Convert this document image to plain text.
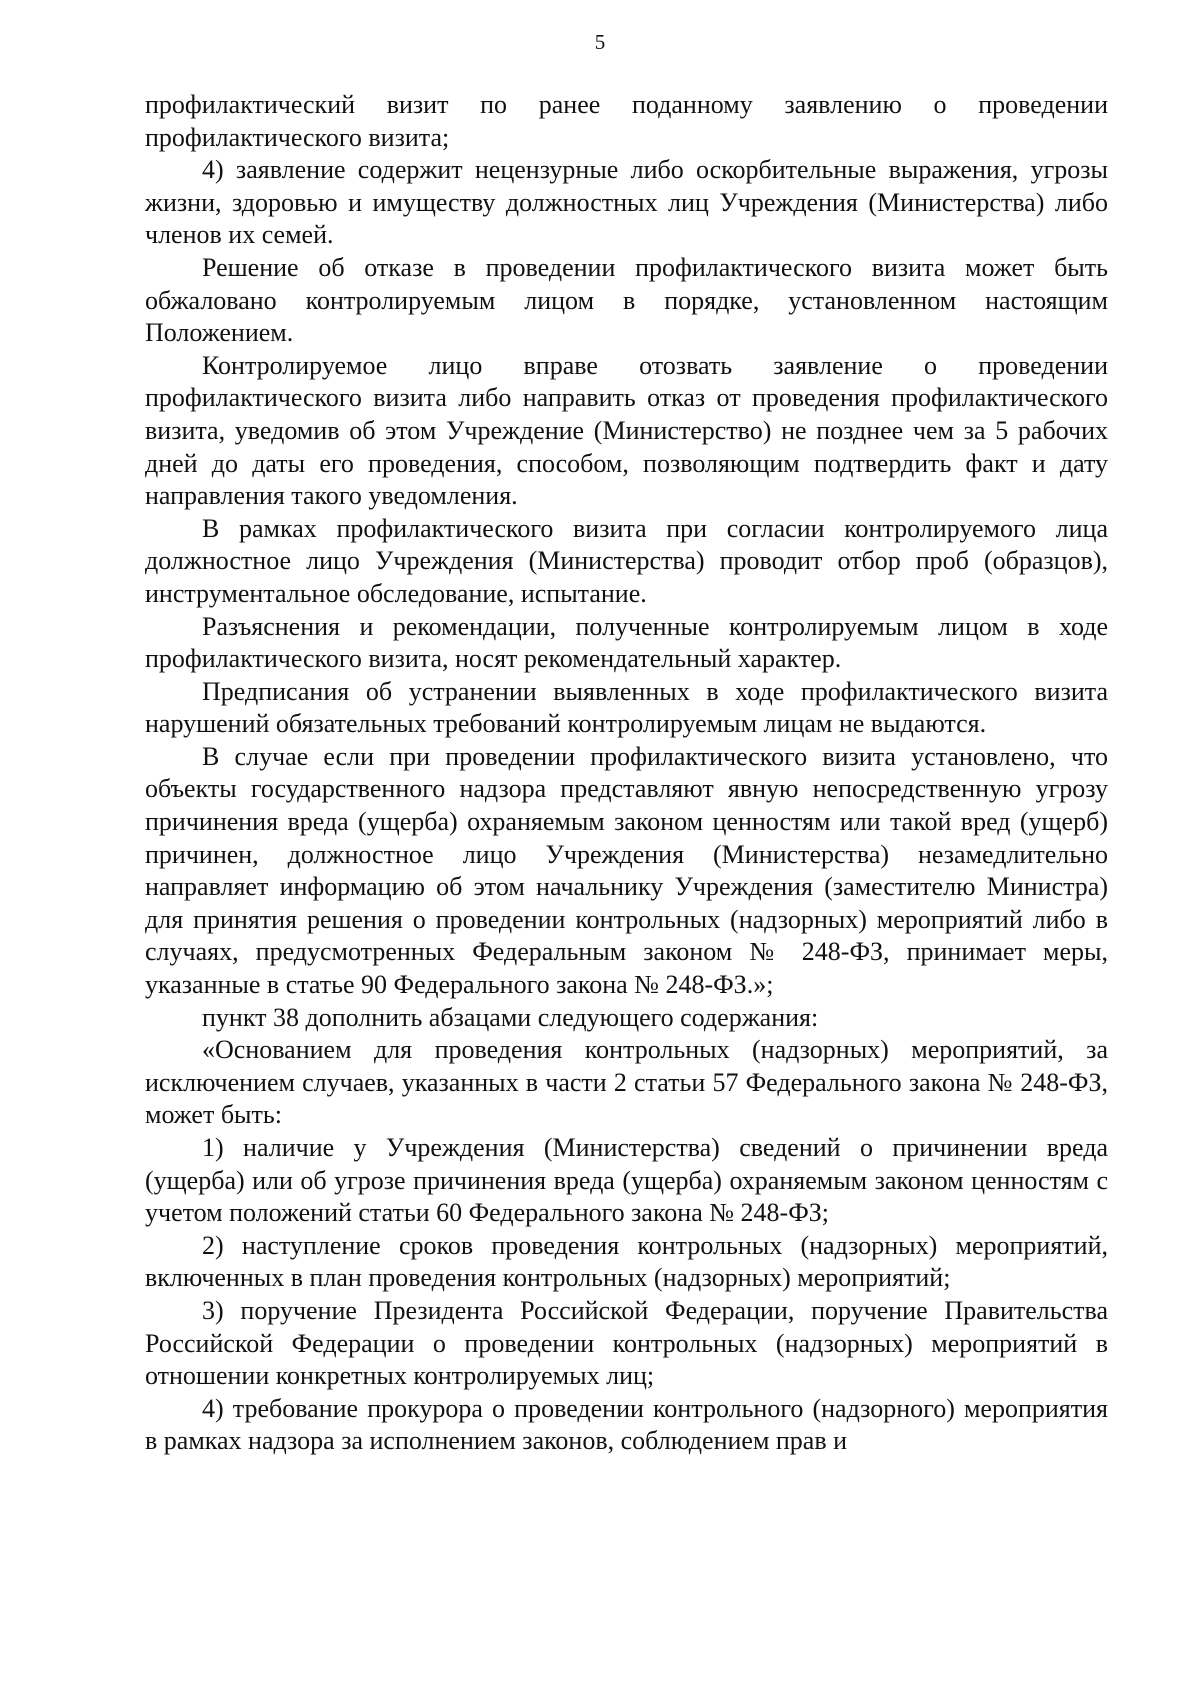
5

профилактический визит по ранее поданному заявлению о проведении профилактического визита;

4) заявление содержит нецензурные либо оскорбительные выражения, угрозы жизни, здоровью и имуществу должностных лиц Учреждения (Министерства) либо членов их семей.

Решение об отказе в проведении профилактического визита может быть обжаловано контролируемым лицом в порядке, установленном настоящим Положением.

Контролируемое лицо вправе отозвать заявление о проведении профилактического визита либо направить отказ от проведения профилактического визита, уведомив об этом Учреждение (Министерство) не позднее чем за 5 рабочих дней до даты его проведения, способом, позволяющим подтвердить факт и дату направления такого уведомления.

В рамках профилактического визита при согласии контролируемого лица должностное лицо Учреждения (Министерства) проводит отбор проб (образцов), инструментальное обследование, испытание.

Разъяснения и рекомендации, полученные контролируемым лицом в ходе профилактического визита, носят рекомендательный характер.

Предписания об устранении выявленных в ходе профилактического визита нарушений обязательных требований контролируемым лицам не выдаются.

В случае если при проведении профилактического визита установлено, что объекты государственного надзора представляют явную непосредственную угрозу причинения вреда (ущерба) охраняемым законом ценностям или такой вред (ущерб) причинен, должностное лицо Учреждения (Министерства) незамедлительно направляет информацию об этом начальнику Учреждения (заместителю Министра) для принятия решения о проведении контрольных (надзорных) мероприятий либо в случаях, предусмотренных Федеральным законом № 248-ФЗ, принимает меры, указанные в статье 90 Федерального закона № 248-ФЗ.»;

пункт 38 дополнить абзацами следующего содержания:

«Основанием для проведения контрольных (надзорных) мероприятий, за исключением случаев, указанных в части 2 статьи 57 Федерального закона № 248-ФЗ, может быть:

1) наличие у Учреждения (Министерства) сведений о причинении вреда (ущерба) или об угрозе причинения вреда (ущерба) охраняемым законом ценностям с учетом положений статьи 60 Федерального закона № 248-ФЗ;

2) наступление сроков проведения контрольных (надзорных) мероприятий, включенных в план проведения контрольных (надзорных) мероприятий;

3) поручение Президента Российской Федерации, поручение Правительства Российской Федерации о проведении контрольных (надзорных) мероприятий в отношении конкретных контролируемых лиц;

4) требование прокурора о проведении контрольного (надзорного) мероприятия в рамках надзора за исполнением законов, соблюдением прав и
